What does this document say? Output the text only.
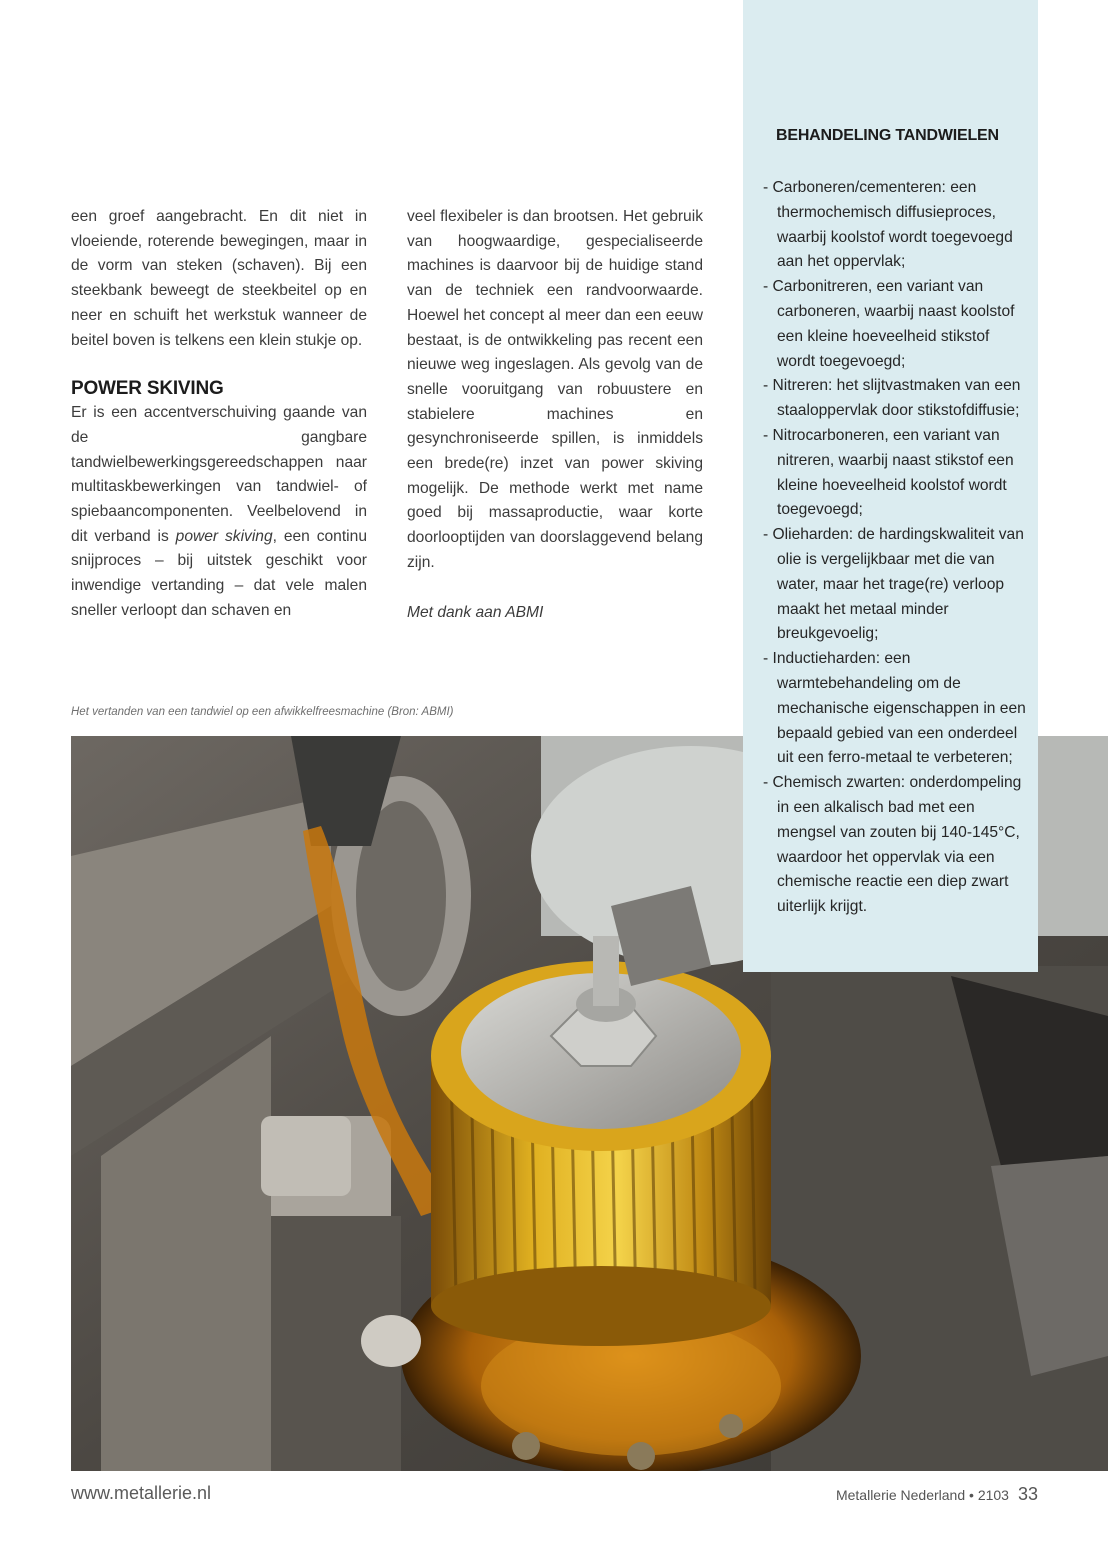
een groef aangebracht. En dit niet in vloeiende, roterende bewegingen, maar in de vorm van steken (schaven). Bij een steekbank beweegt de steekbeitel op en neer en schuift het werkstuk wanneer de beitel boven is telkens een klein stukje op.

POWER SKIVING

Er is een accentverschuiving gaande van de gangbare tandwielbewerkingsgereedschappen naar multitaskbewerkingen van tandwiel- of spiebaancomponenten. Veelbelovend in dit verband is power skiving, een continu snijproces – bij uitstek geschikt voor inwendige vertanding – dat vele malen sneller verloopt dan schaven en

veel flexibeler is dan brootsen. Het gebruik van hoogwaardige, gespecialiseerde machines is daarvoor bij de huidige stand van de techniek een randvoorwaarde. Hoewel het concept al meer dan een eeuw bestaat, is de ontwikkeling pas recent een nieuwe weg ingeslagen. Als gevolg van de snelle vooruitgang van robuustere en stabielere machines en gesynchroniseerde spillen, is inmiddels een brede(re) inzet van power skiving mogelijk. De methode werkt met name goed bij massaproductie, waar korte doorlooptijden van doorslaggevend belang zijn.

Met dank aan ABMI

Het vertanden van een tandwiel op een afwikkelfreesmachine (Bron: ABMI)
BEHANDELING TANDWIELEN
- Carboneren/cementeren: een thermochemisch diffusieproces, waarbij koolstof wordt toegevoegd aan het oppervlak;
- Carbonitreren, een variant van carboneren, waarbij naast koolstof een kleine hoeveelheid stikstof wordt toegevoegd;
- Nitreren: het slijtvastmaken van een staaloppervlak door stikstofdiffusie;
- Nitrocarboneren, een variant van nitreren, waarbij naast stikstof een kleine hoeveelheid koolstof wordt toegevoegd;
- Olieharden: de hardingskwaliteit van olie is vergelijkbaar met die van water, maar het trage(re) verloop maakt het metaal minder breukgevoelig;
- Inductieharden: een warmtebehandeling om de mechanische eigenschappen in een bepaald gebied van een onderdeel uit een ferro-metaal te verbeteren;
- Chemisch zwarten: onderdompeling in een alkalisch bad met een mengsel van zouten bij 140-145°C, waardoor het oppervlak via een chemische reactie een diep zwart uiterlijk krijgt.
www.metallerie.nl	Metallerie Nederland • 2103 33
